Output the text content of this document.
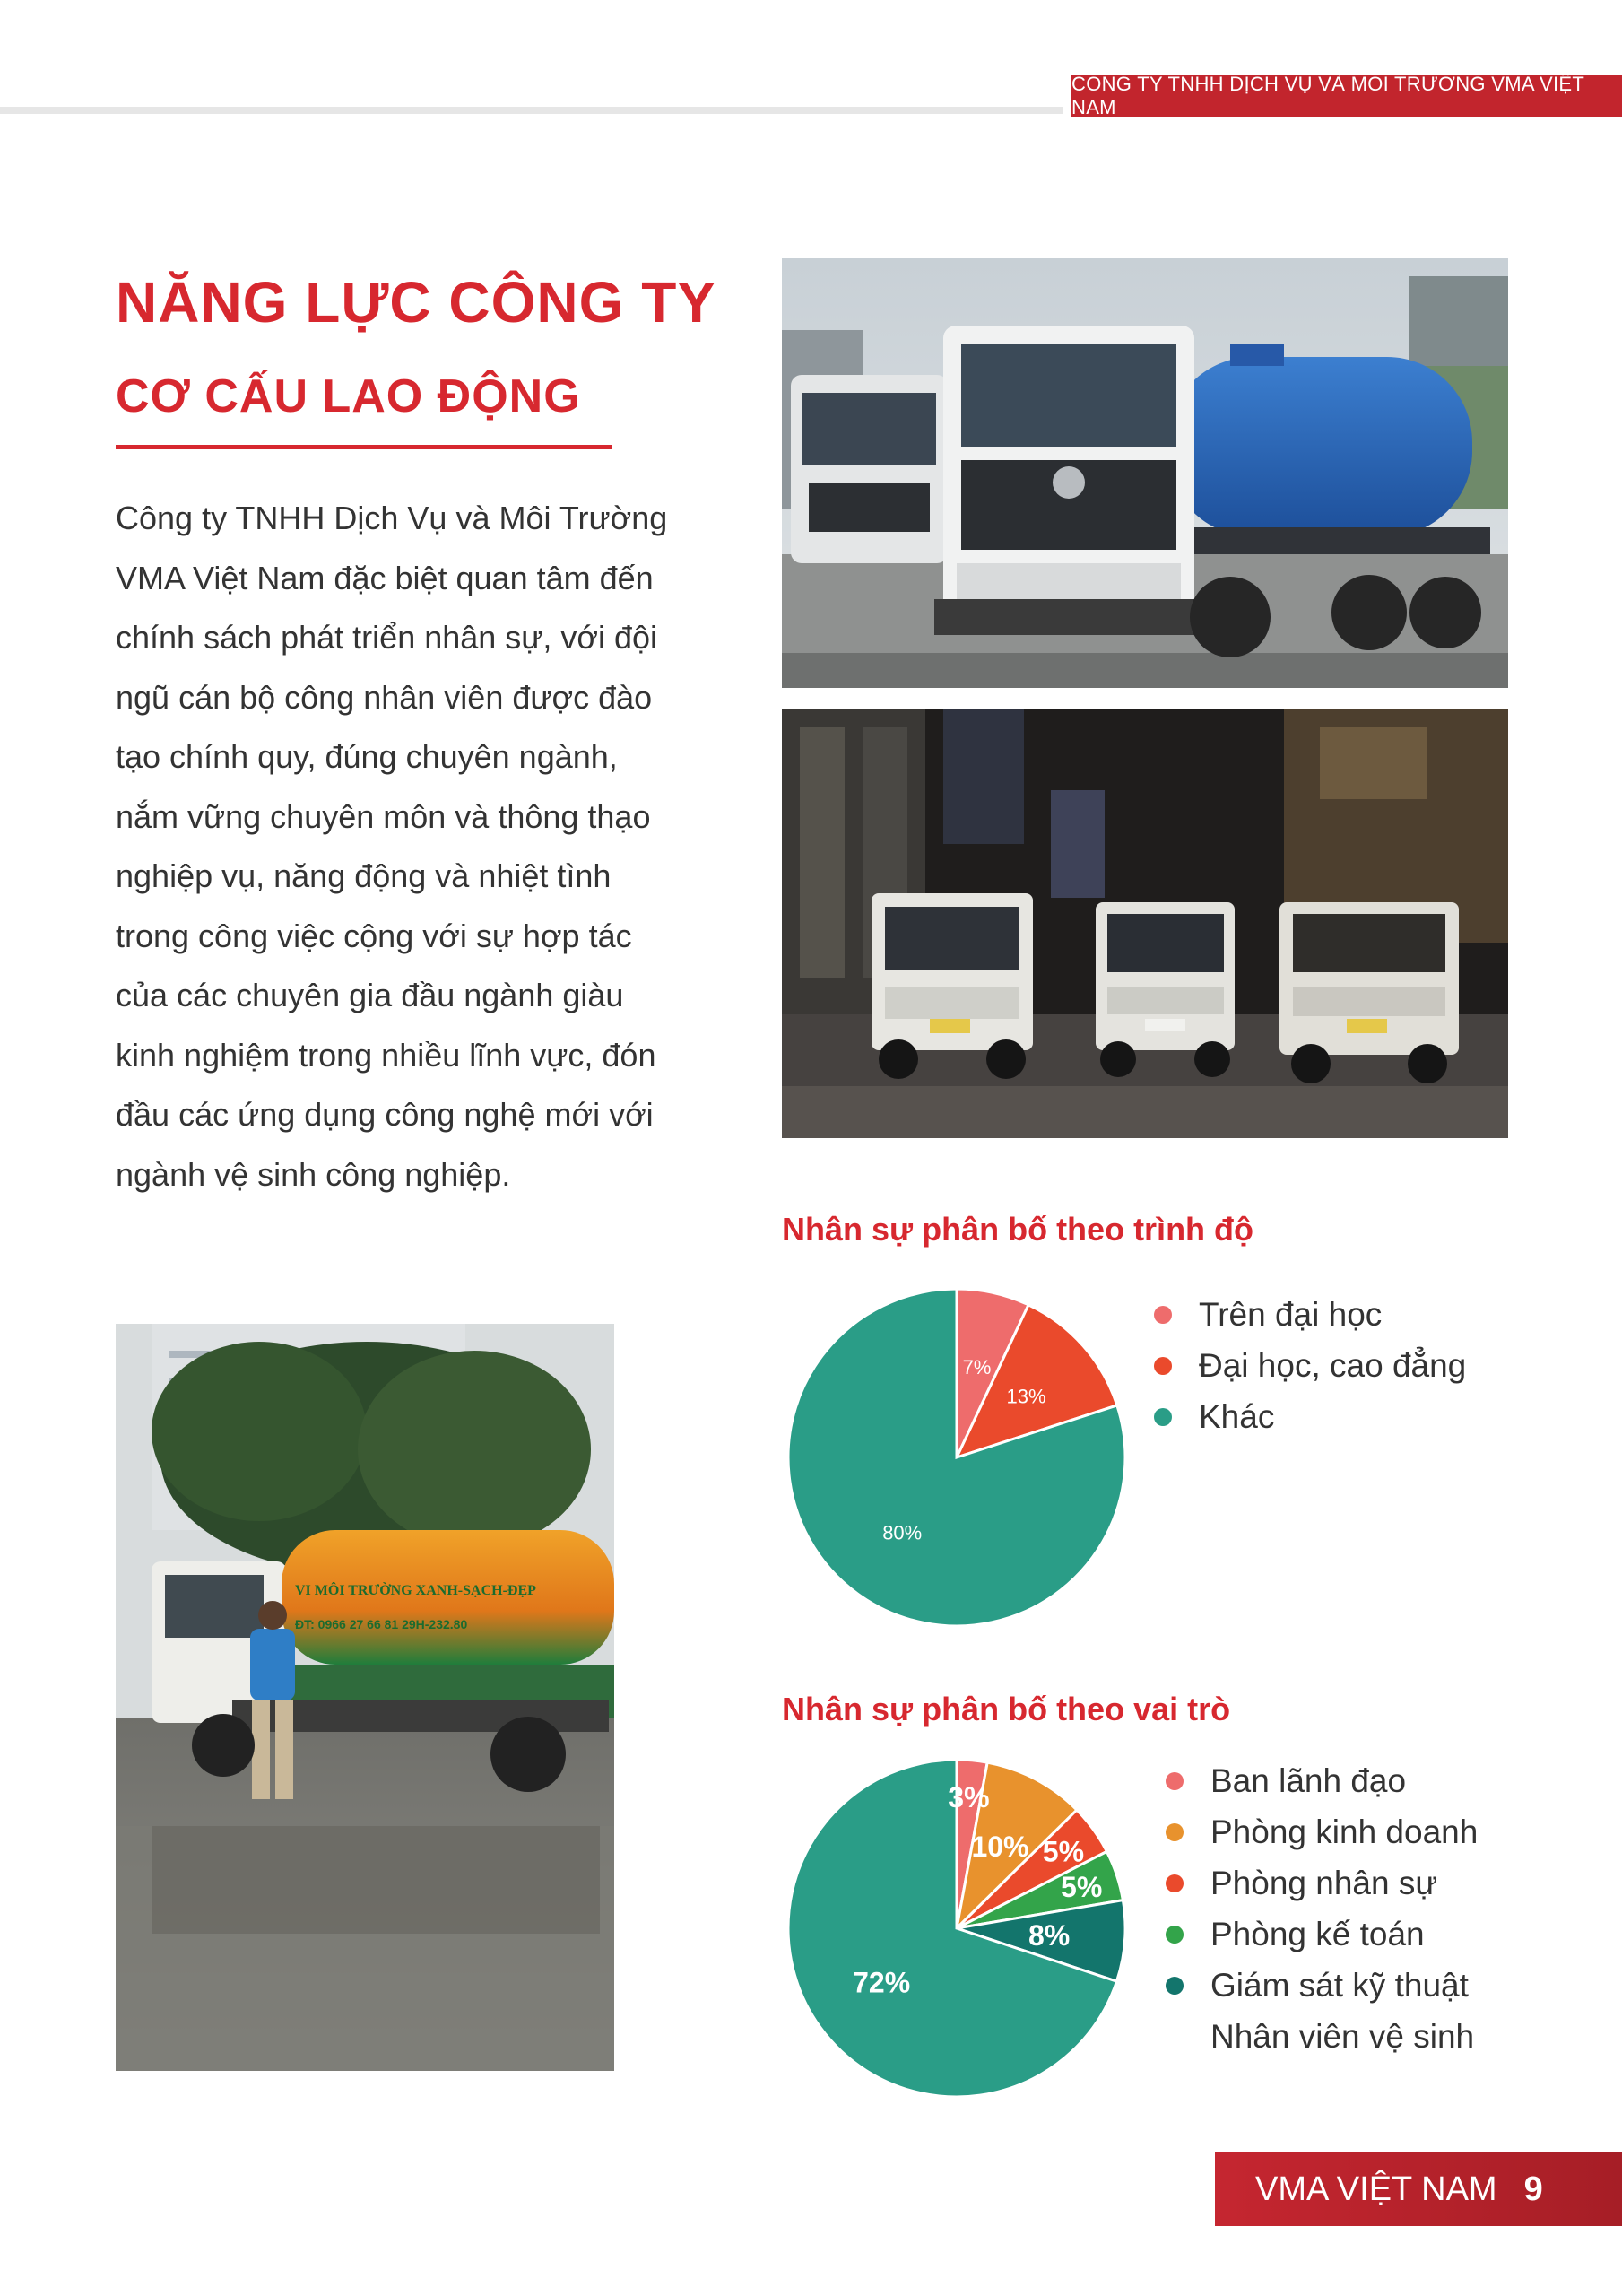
CÔNG TY TNHH DỊCH VỤ VÀ MÔI TRƯỜNG VMA VIỆT NAM
NĂNG LỰC CÔNG TY
CƠ CẤU LAO ĐỘNG
Công ty TNHH Dịch Vụ và Môi Trường
VMA Việt Nam đặc biệt quan tâm đến
chính sách phát triển nhân sự, với đội
ngũ cán bộ công nhân viên được đào
tạo chính quy, đúng chuyên ngành,
nắm vững chuyên môn và thông thạo
nghiệp vụ, năng động và nhiệt tình
trong công việc cộng với sự hợp tác
của các chuyên gia đầu ngành giàu
kinh nghiệm trong nhiều lĩnh vực, đón
đầu các ứng dụng công nghệ mới với
ngành vệ sinh công nghiệp.
VI MÔI TRƯỜNG XANH-SẠCH-ĐẸP
ĐT: 0966 27 66 81 29H-232.80
Nhân sự phân bố theo trình độ
7%
13%
80%
Trên đại học
Đại học, cao đẳng
Khác
Nhân sự phân bố theo vai trò
3%
10% 5%
5%
8%
72%
Ban lãnh đạo
Phòng kinh doanh
Phòng nhân sự
Phòng kế toán
Giám sát kỹ thuật
Nhân viên vệ sinh
VMA VIỆT NAM 9
